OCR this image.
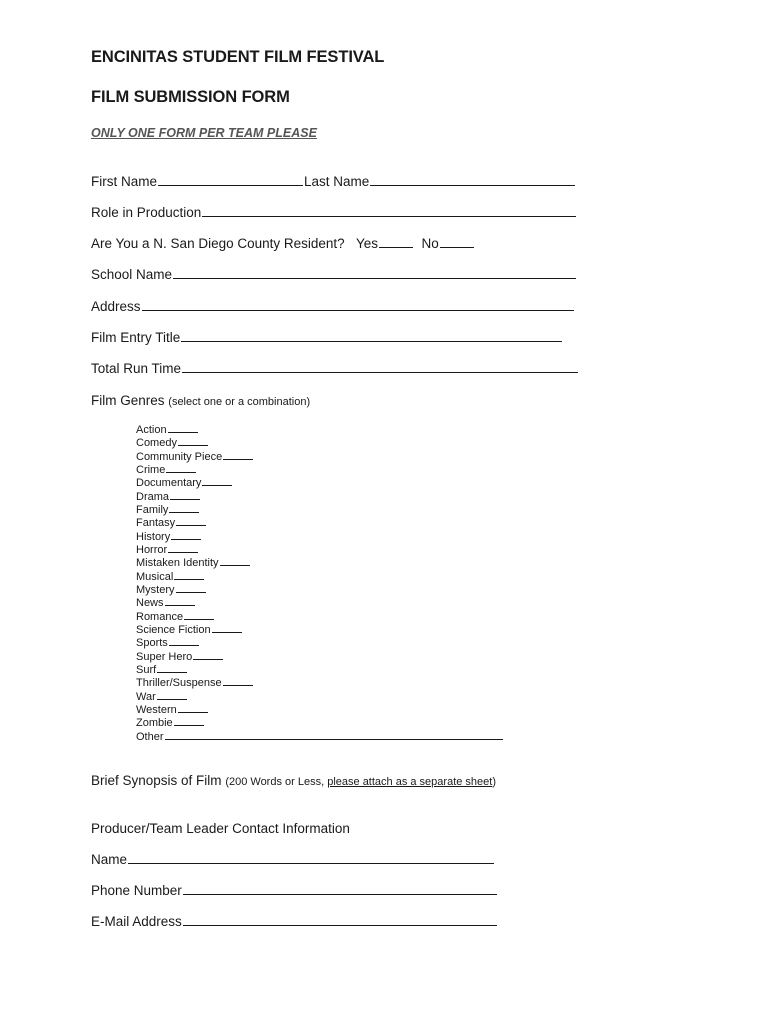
ENCINITAS STUDENT FILM FESTIVAL
FILM SUBMISSION FORM
ONLY ONE FORM PER TEAM PLEASE
First Name	Last Name
Role in Production
Are You a N. San Diego County Resident? Yes	No
School Name
Address
Film Entry Title
Total Run Time
Film Genres (select one or a combination)
Action
Comedy
Community Piece
Crime
Documentary
Drama
Family
Fantasy
History
Horror
Mistaken Identity
Musical
Mystery
News
Romance
Science Fiction
Sports
Super Hero
Surf
Thriller/Suspense
War
Western
Zombie
Other
Brief Synopsis of Film (200 Words or Less, please attach as a separate sheet)
Producer/Team Leader Contact Information
Name
Phone Number
E-Mail Address
